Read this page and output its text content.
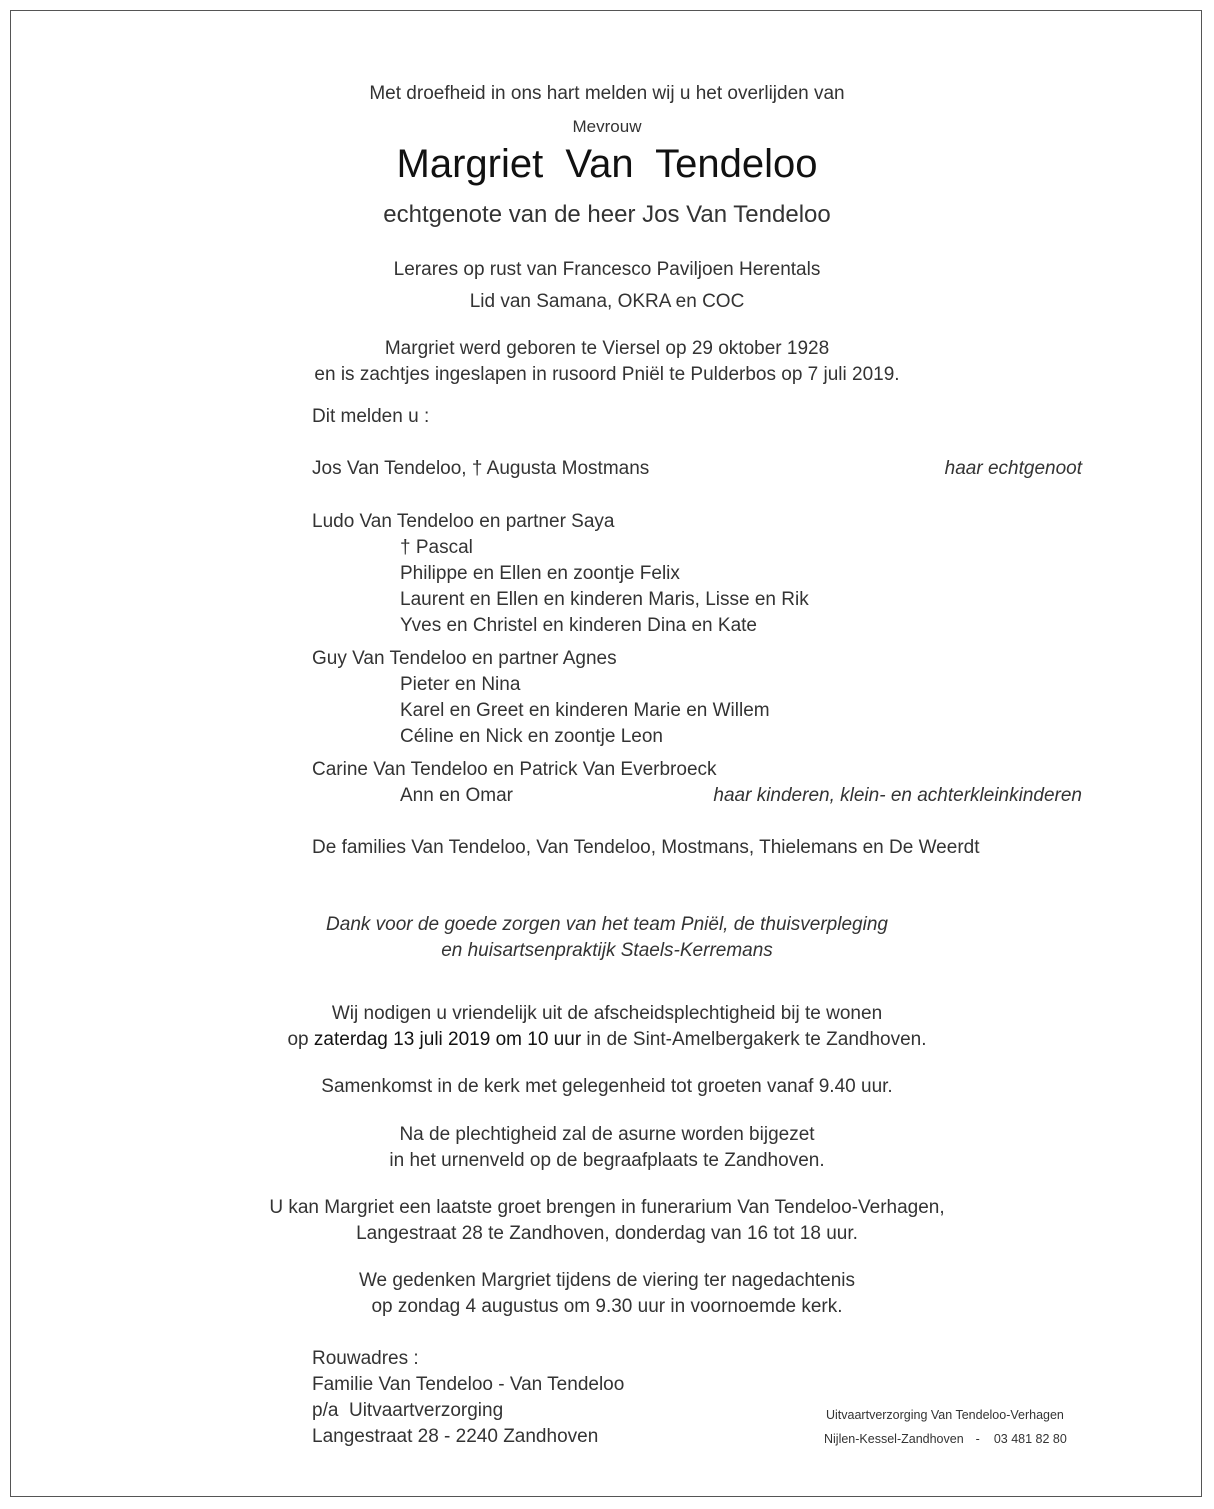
Met droefheid in ons hart melden wij u het overlijden van
Mevrouw
Margriet  Van  Tendeloo
echtgenote van de heer Jos Van Tendeloo
Lerares op rust van Francesco Paviljoen Herentals
Lid van Samana, OKRA en COC
Margriet werd geboren te Viersel op 29 oktober 1928
en is zachtjes ingeslapen in rusoord Pniël te Pulderbos op 7 juli 2019.
Dit melden u :
Jos Van Tendeloo, † Augusta Mostmans	haar echtgenoot
Ludo Van Tendeloo en partner Saya
† Pascal
Philippe en Ellen en zoontje Felix
Laurent en Ellen en kinderen Maris, Lisse en Rik
Yves en Christel en kinderen Dina en Kate
Guy Van Tendeloo en partner Agnes
Pieter en Nina
Karel en Greet en kinderen Marie en Willem
Céline en Nick en zoontje Leon
Carine Van Tendeloo en Patrick Van Everbroeck
Ann en Omar	haar kinderen, klein- en achterkleinkinderen
De families Van Tendeloo, Van Tendeloo, Mostmans, Thielemans en De Weerdt
Dank voor de goede zorgen van het team Pniël, de thuisverpleging
en huisartsenpraktijk Staels-Kerremans
Wij nodigen u vriendelijk uit de afscheidsplechtigheid bij te wonen
op zaterdag 13 juli 2019 om 10 uur in de Sint-Amelbergakerk te Zandhoven.
Samenkomst in de kerk met gelegenheid tot groeten vanaf 9.40 uur.
Na de plechtigheid zal de asurne worden bijgezet
in het urnenveld op de begraafplaats te Zandhoven.
U kan Margriet een laatste groet brengen in funerarium Van Tendeloo-Verhagen,
Langestraat 28 te Zandhoven, donderdag van 16 tot 18 uur.
We gedenken Margriet tijdens de viering ter nagedachtenis
op zondag 4 augustus om 9.30 uur in voornoemde kerk.
Rouwadres :
Familie Van Tendeloo - Van Tendeloo
p/a  Uitvaartverzorging
Langestraat 28 - 2240 Zandhoven
Uitvaartverzorging Van Tendeloo-Verhagen
Nijlen-Kessel-Zandhoven - 03 481 82 80
